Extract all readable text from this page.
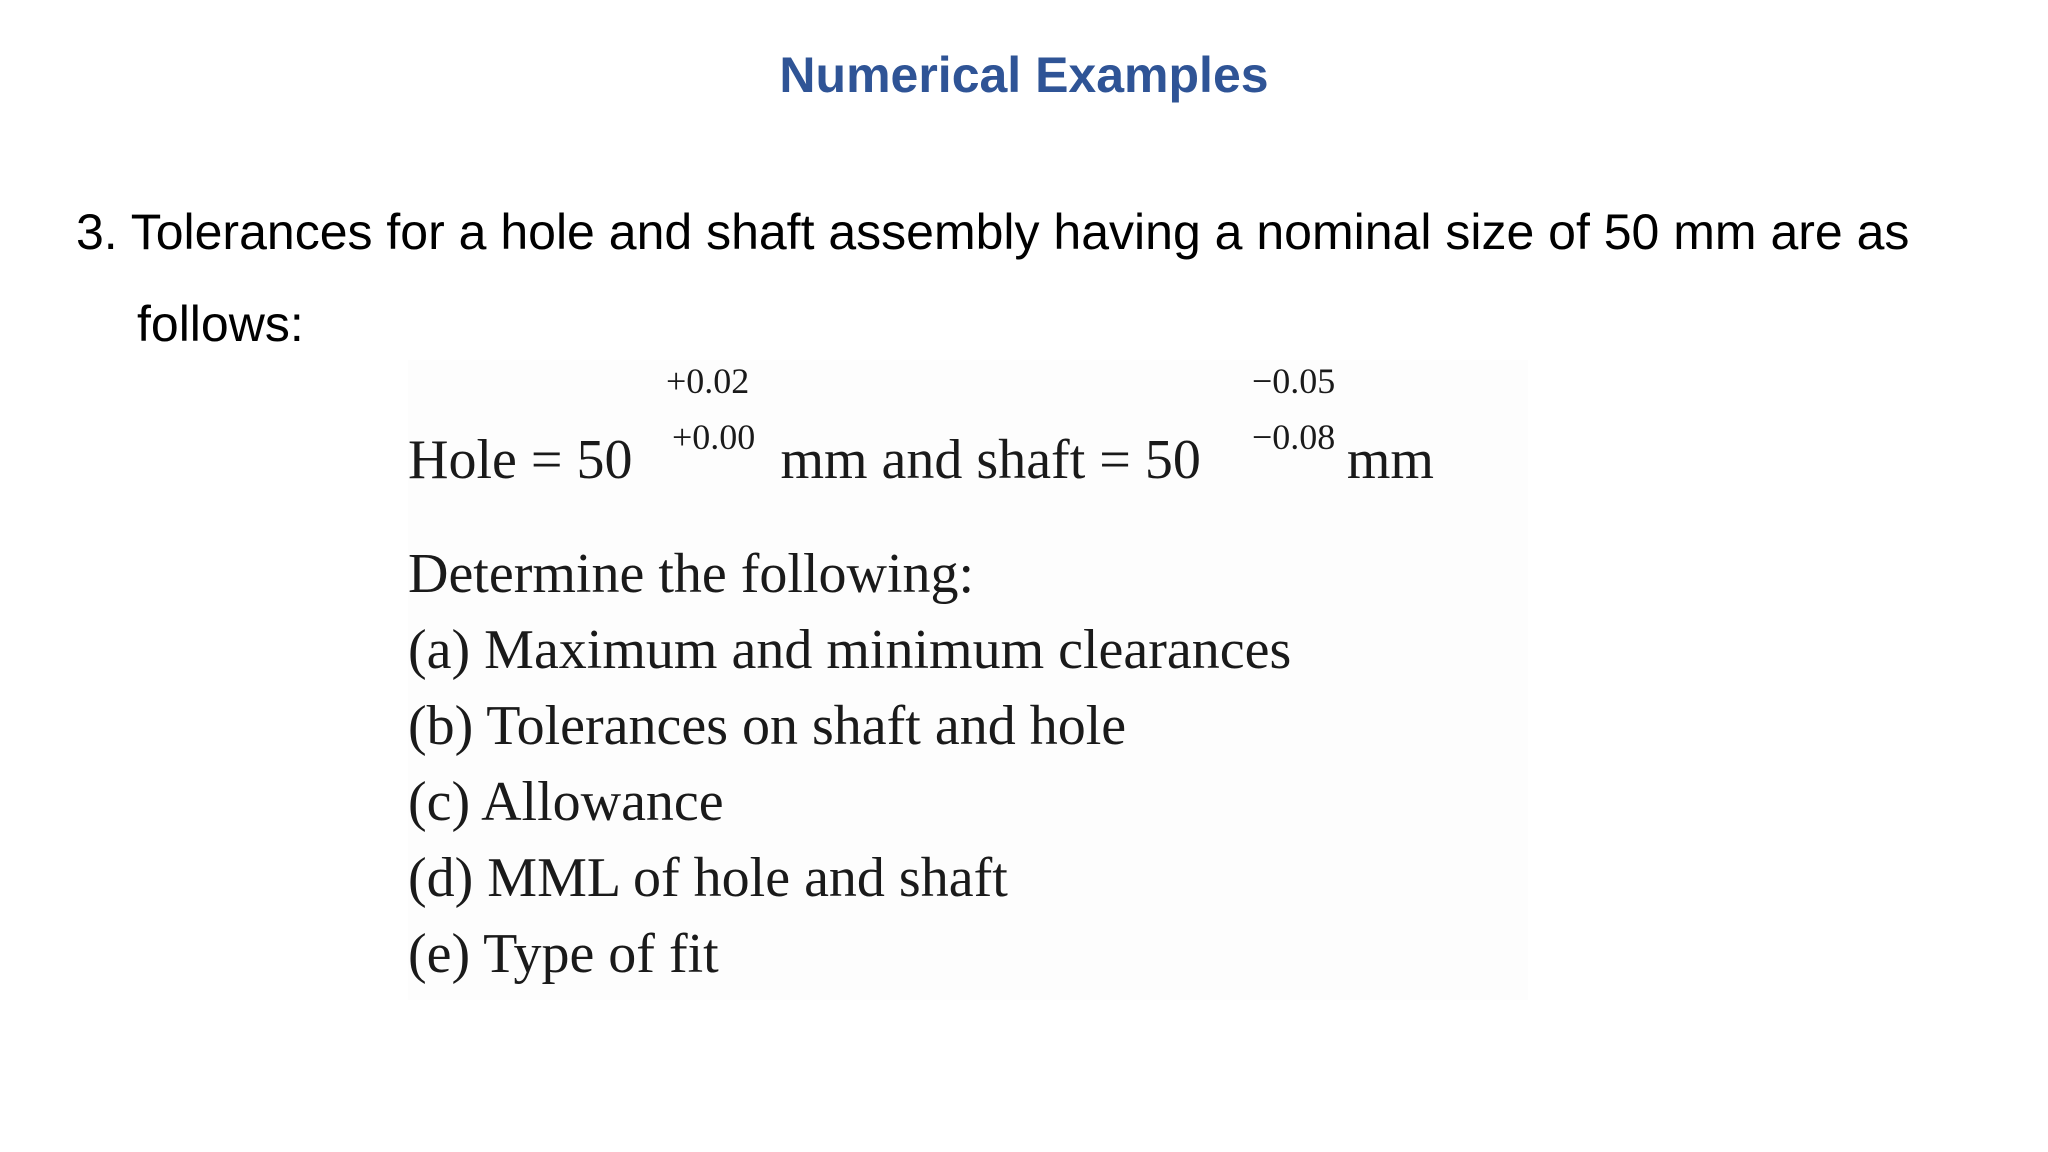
Numerical Examples
3. Tolerances for a hole and shaft assembly having a nominal size of 50 mm are as
follows:
+0.02	−0.05
Hole = 50	mm and shaft = 50	mm
+0.00	−0.08
Determine the following:
(a) Maximum and minimum clearances
(b) Tolerances on shaft and hole
(c) Allowance
(d) MML of hole and shaft
(e) Type of fit
